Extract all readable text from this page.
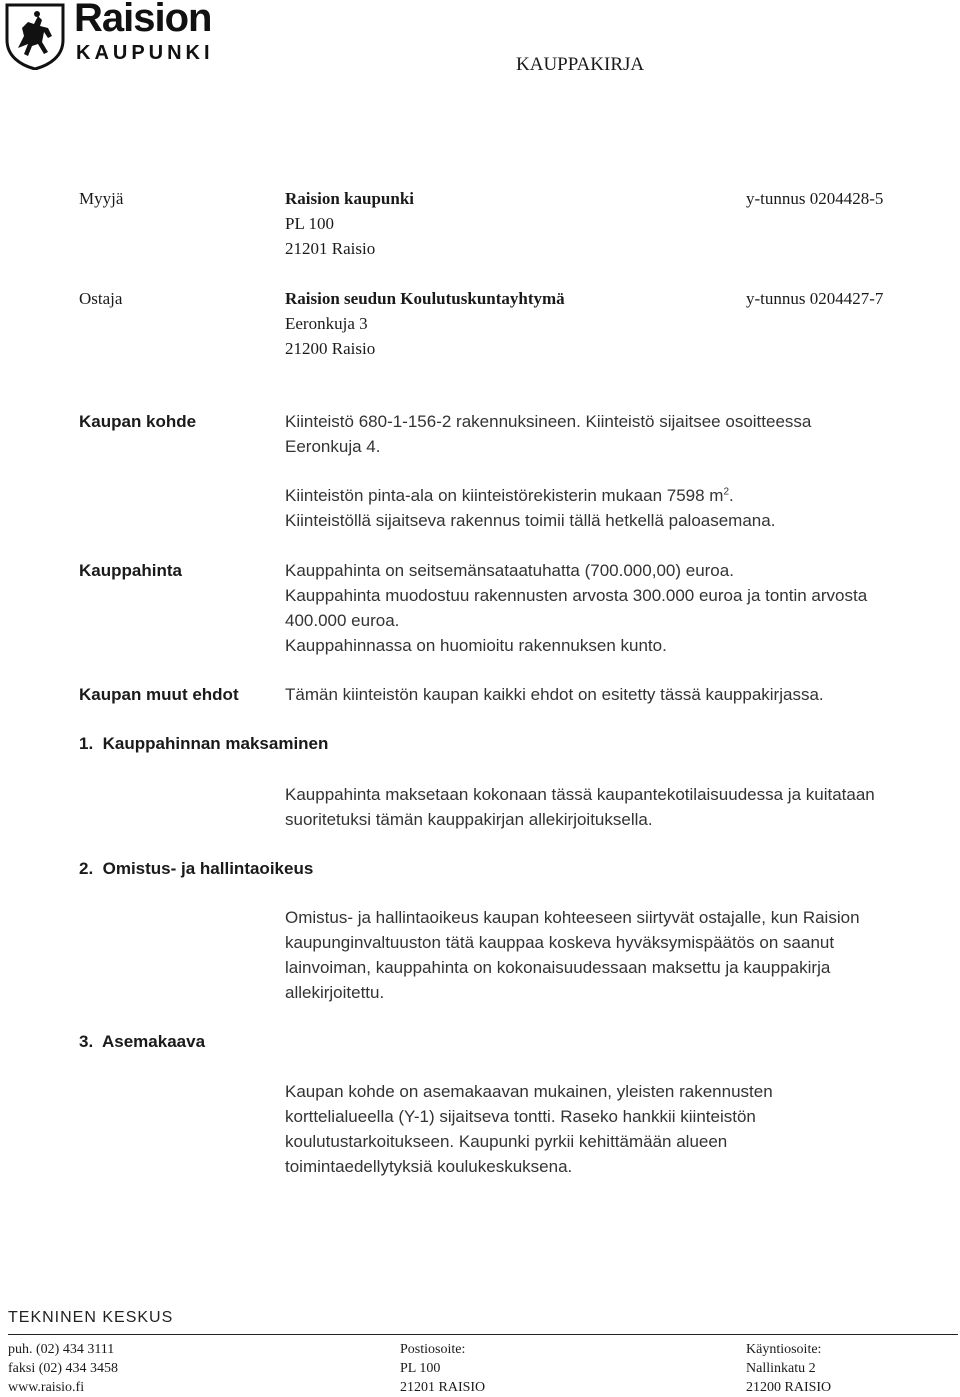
Raision
KAUPUNKI
KAUPPAKIRJA
Myyjä	Raision kaupunki
PL 100
21201 Raisio
y-tunnus 0204428-5
Ostaja	Raision seudun Koulutuskuntayhtymä
Eeronkuja 3
21200 Raisio
y-tunnus 0204427-7
Kaupan kohde	Kiinteistö 680-1-156-2 rakennuksineen. Kiinteistö sijaitsee osoitteessa
Eeronkuja 4.
Kiinteistön pinta-ala on kiinteistörekisterin mukaan 7598 $m^2$.
Kiinteistöllä sijaitseva rakennus toimii tällä hetkellä paloasemana.
Kauppahinta	Kauppahinta on seitsemänsataatuhatta (700.000,00) euroa.
Kauppahinta muodostuu rakennusten arvosta 300.000 euroa ja tontin arvosta
400.000 euroa.
Kauppahinnassa on huomioitu rakennuksen kunto.
Kaupan muut ehdot	Tämän kiinteistön kaupan kaikki ehdot on esitetty tässä kauppakirjassa.
1.  Kauppahinnan maksaminen
Kauppahinta maksetaan kokonaan tässä kaupantekotilaisuudessa ja kuitataan
suoritetuksi tämän kauppakirjan allekirjoituksella.
2.  Omistus- ja hallintaoikeus
Omistus- ja hallintaoikeus kaupan kohteeseen siirtyvät ostajalle, kun Raision
kaupunginvaltuuston tätä kauppaa koskeva hyväksymispäätös on saanut
lainvoiman, kauppahinta on kokonaisuudessaan maksettu ja kauppakirja
allekirjoitettu.
3.  Asemakaava
Kaupan kohde on asemakaavan mukainen, yleisten rakennusten
korttelialueella (Y-1) sijaitseva tontti. Raseko hankkii kiinteistön
koulutustarkoitukseen. Kaupunki pyrkii kehittämään alueen
toimintaedellytyksiä koulukeskuksena.
TEKNINEN KESKUS
puh. (02) 434 3111
faksi (02) 434 3458
www.raisio.fi
Postiosoite:
PL 100
21201 RAISIO
Käyntiosoite:
Nallinkatu 2
21200 RAISIO
